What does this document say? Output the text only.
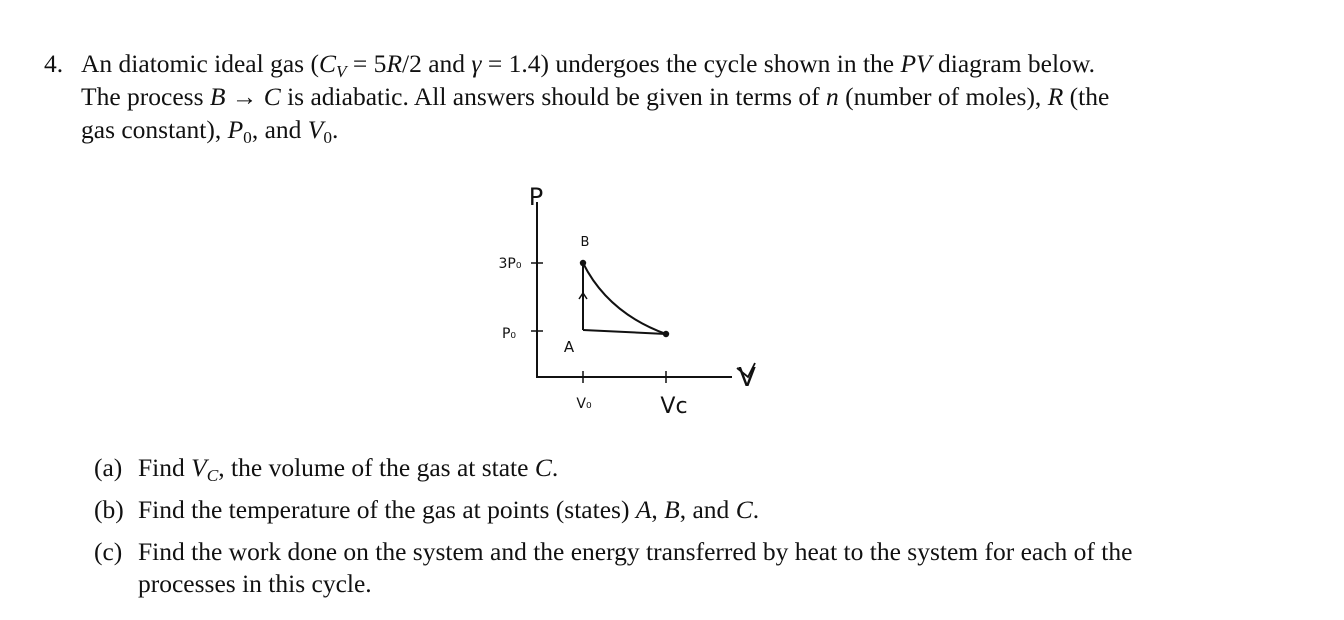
4. An diatomic ideal gas ($C_V = 5R/2$ and γ = 1.4) undergoes the cycle shown in the PV diagram below.
The process B → C is adiabatic. All answers should be given in terms of n (number of moles), R (the
gas constant), $P_0$, and $V_0$.
P
V
3P₀
P₀
V₀	Vc
A
B
(a) Find $V_C$, the volume of the gas at state C.
(b) Find the temperature of the gas at points (states) A, B, and C.
(c) Find the work done on the system and the energy transferred by heat to the system for each of the
processes in this cycle.
